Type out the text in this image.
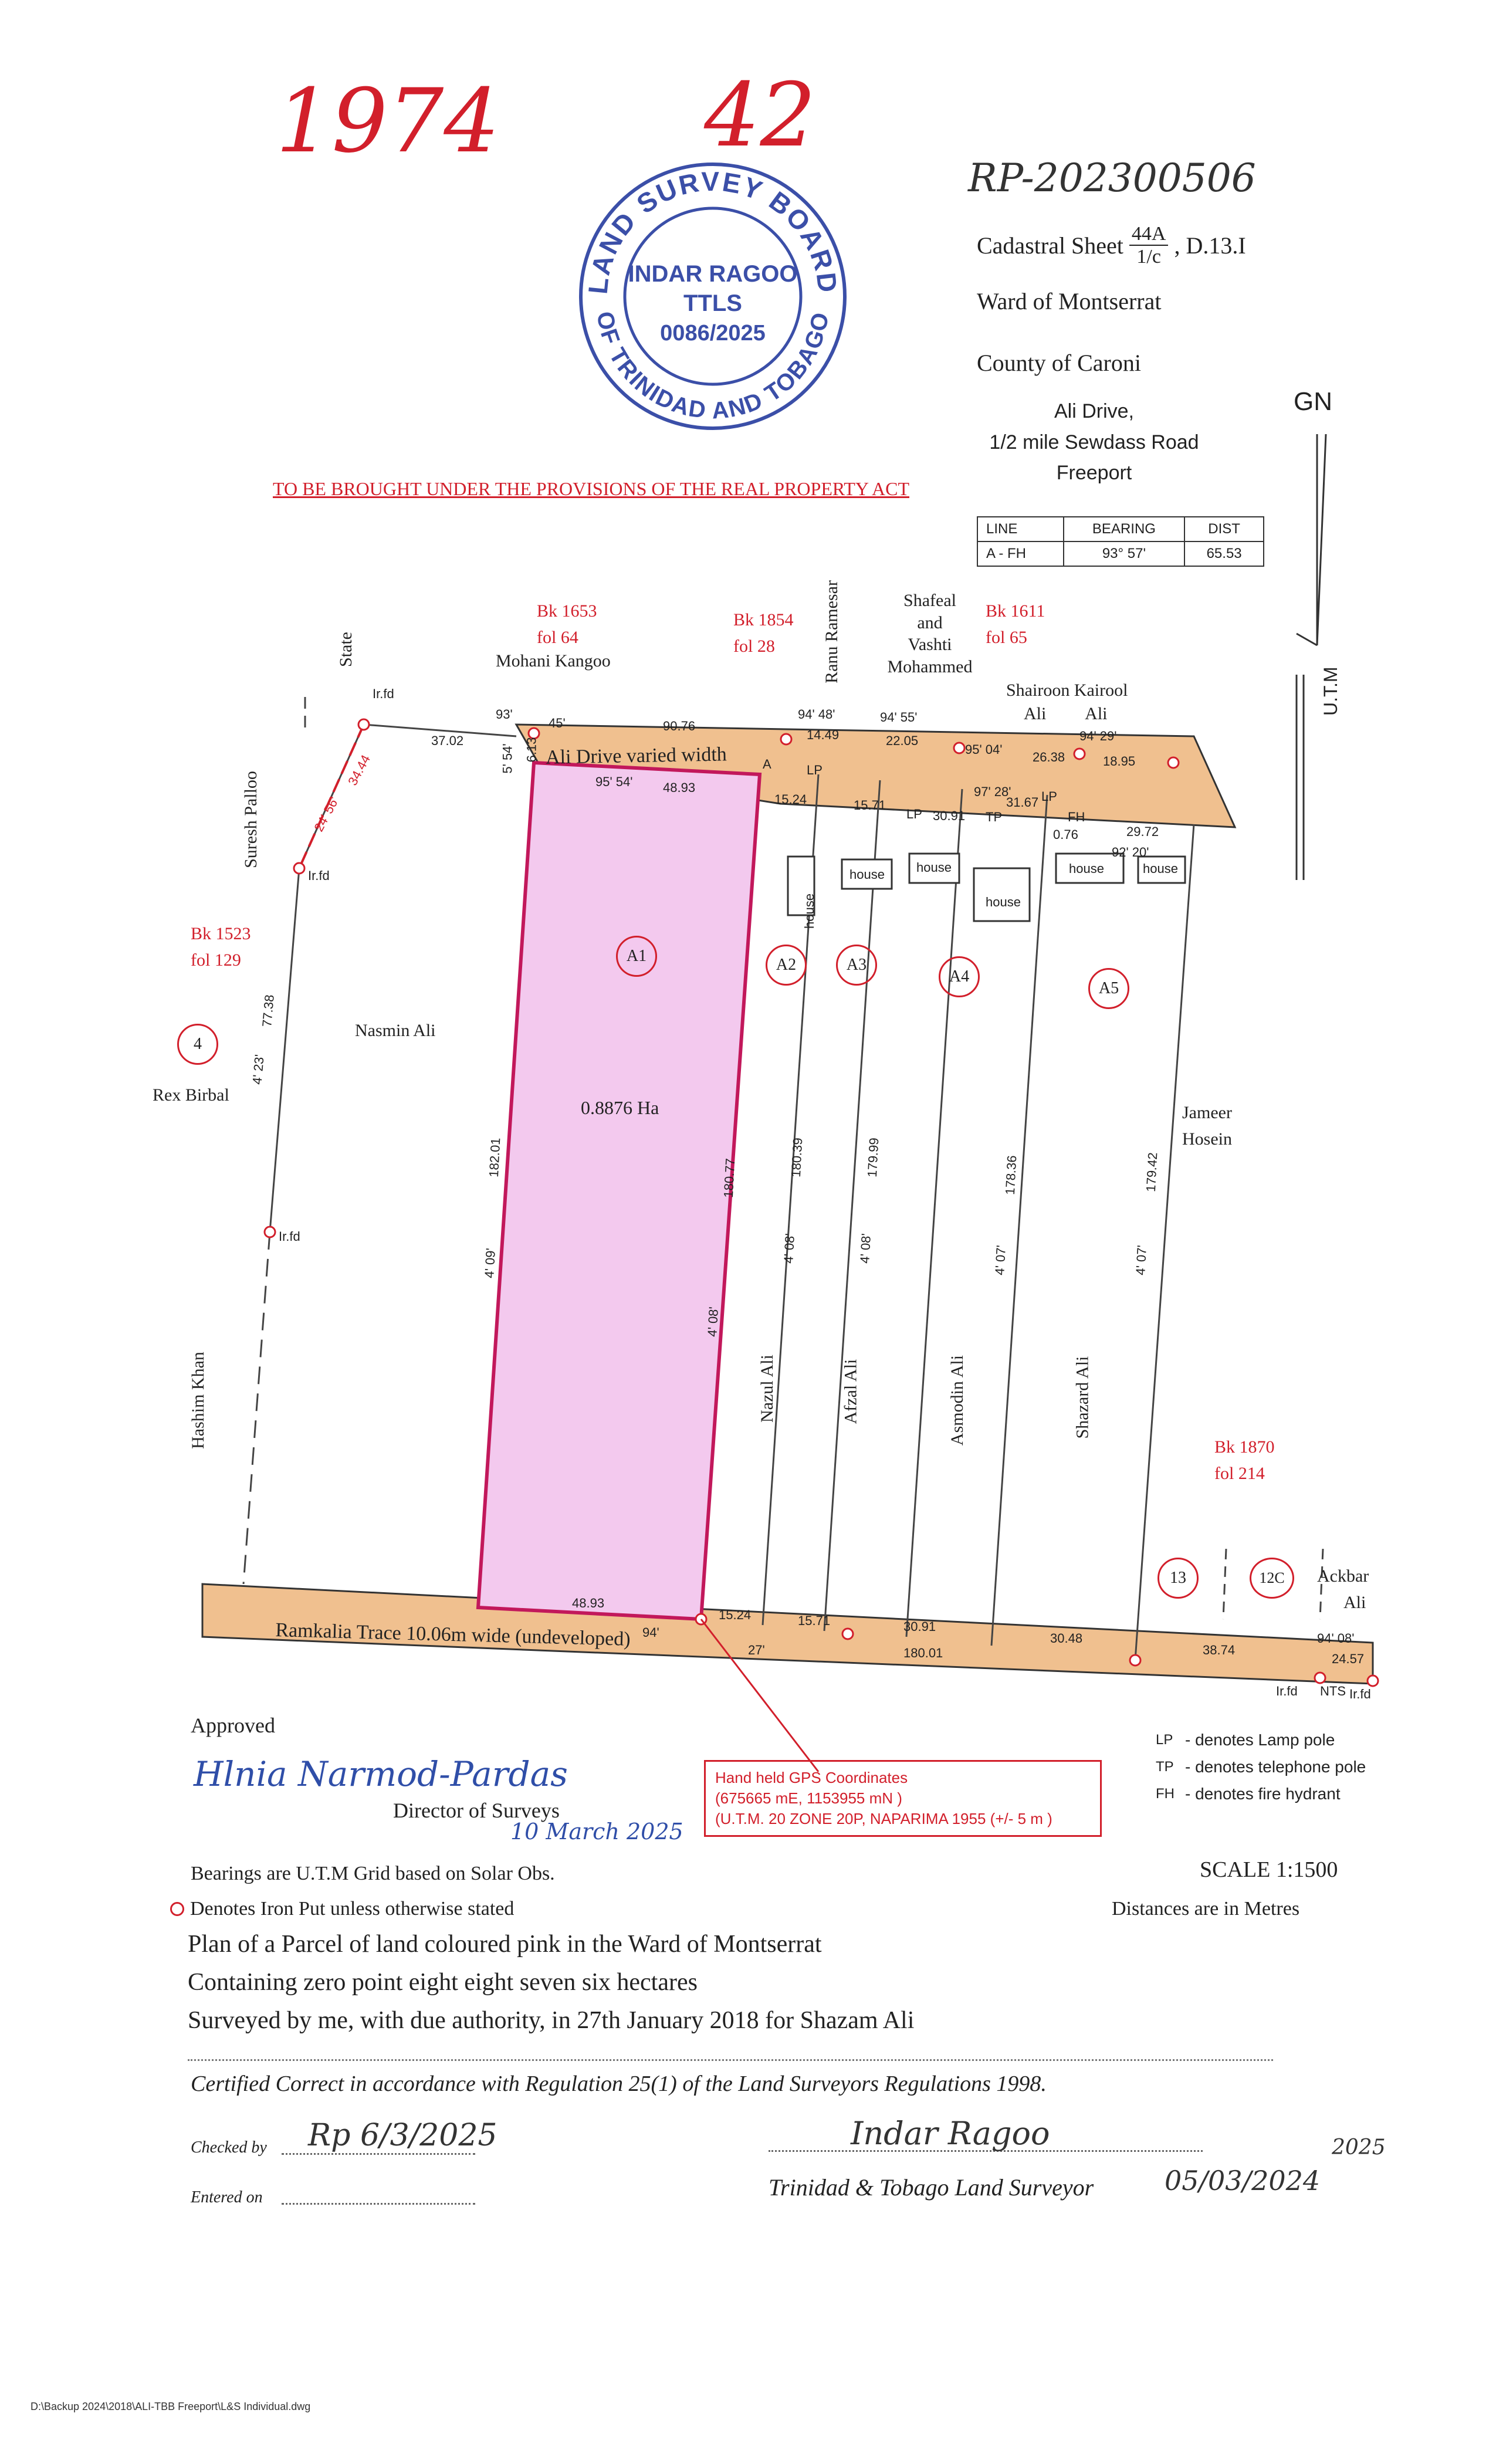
1974 42
RP-202300506
LAND SURVEY BOARD
OF TRINIDAD AND TOBAGO
INDAR RAGOO
TTLS
0086/2025
Cadastral Sheet $\frac{44A}{1/c}$ , D.13.I
Ward of Montserrat
County of Caroni
Ali Drive,
1/2 mile Sewdass Road
Freeport
TO BE BROUGHT UNDER THE PROVISIONS OF THE REAL PROPERTY ACT
LINE	BEARING	DIST
A - FH	93° 57'	65.53
GN
U.T.M
State
Ir.fd
Suresh Palloo
Ir.fd
Bk 1523
fol 129
Rex Birbal
Nasmin Ali
Ir.fd
Hashim Khan
Bk 1653
fol 64
Mohani Kangoo
Bk 1854
fol 28	Ranu Ramesar	Shafeal
and
Vashti
Mohammed
Bk 1611
fol 65
Shairoon Kairool
Ali         Ali
Jameer
Hosein
Bk 1870
fol 214
Ackbar
Ali
Ali Drive varied width
Ramkalia Trace 10.06m wide (undeveloped)
0.8876 Ha
Nazul Ali	Afzal Ali	Asmodin Ali	Shazard Ali
house
house house
house
house	house
A1	A2	A3
A4
A5
4
13	12C
37.02
93'
45'	90.76
5' 54' 6.13
95' 54' 48.93
24' 56'
34.44
4' 23'
77.38
94' 48'
14.49
94' 55'
22.05
95' 04'
26.38
94' 29'
18.95
15.24	15.71
30.91
97' 28'
31.67
0.76	29.72
92' 20'
A	LP
LP	TP
LP
FH
4' 09'
182.01
4' 08'
180.77
4' 08'
180.39
4' 08'
179.99
4' 07'
178.36
4' 07'
179.42
48.93
94'
27'
15.24	15.71	30.91
180.01
30.48
38.74
94' 08'
24.57
Ir.fd NTS Ir.fd
Hand held GPS Coordinates
(675665 mE, 1153955 mN )
(U.T.M. 20 ZONE 20P, NAPARIMA 1955 (+/- 5 m )
LP - denotes Lamp pole
TP - denotes telephone pole
FH - denotes fire hydrant
Approved
Hlnia Narmod-Pardas
Director of Surveys
10 March 2025
Bearings are U.T.M Grid based on Solar Obs.
Denotes Iron Put unless otherwise stated
SCALE 1:1500
Distances are in Metres
Plan of a Parcel of land coloured pink in the Ward of Montserrat
Containing zero point eight eight seven six hectares
Surveyed by me, with due authority, in 27th January 2018 for Shazam Ali
Certified Correct in accordance with Regulation 25(1) of the Land Surveyors Regulations 1998.
Checked by Rp 6/3/2025
Entered on
Indar Ragoo
Trinidad & Tobago Land Surveyor	05/03/2024
2025
D:\Backup 2024\2018\ALI-TBB Freeport\L&S Individual.dwg
